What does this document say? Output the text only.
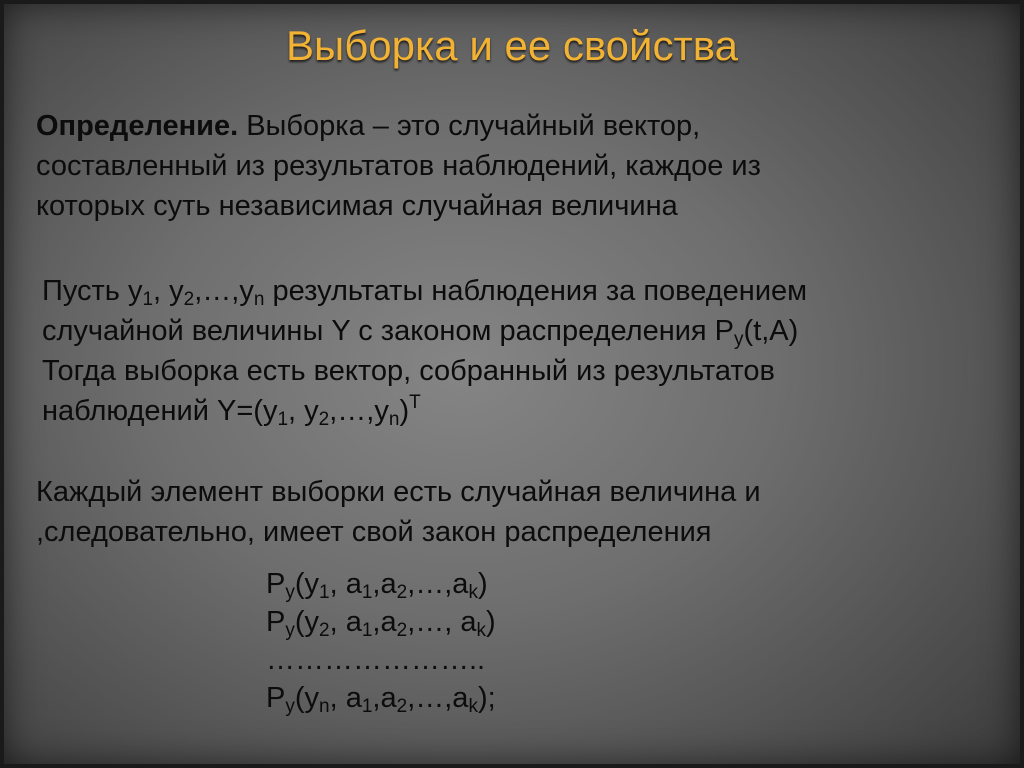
Выборка и ее свойства
Определение. Выборка – это случайный вектор,
составленный из результатов наблюдений, каждое из
которых суть независимая случайная величина
Пусть $y_1$, $y_2,\dots,y_n$ результаты наблюдения за поведением
случайной величины Y с законом распределения $P_y(t,A)$
Тогда выборка есть вектор, собранный из результатов
наблюдений $Y=(y_1$, $y_2,\dots,y_n)^T$
Каждый элемент выборки есть случайная величина и
,следовательно, имеет свой закон распределения
$P_y(y_1$, $a_1,a_2,\dots,a_k$)
$P_y(y_2$, $a_1,a_2,\dots$, $a_k$)
…………………..
$P_y(y_n$, $a_1,a_2,\dots,a_k$);
